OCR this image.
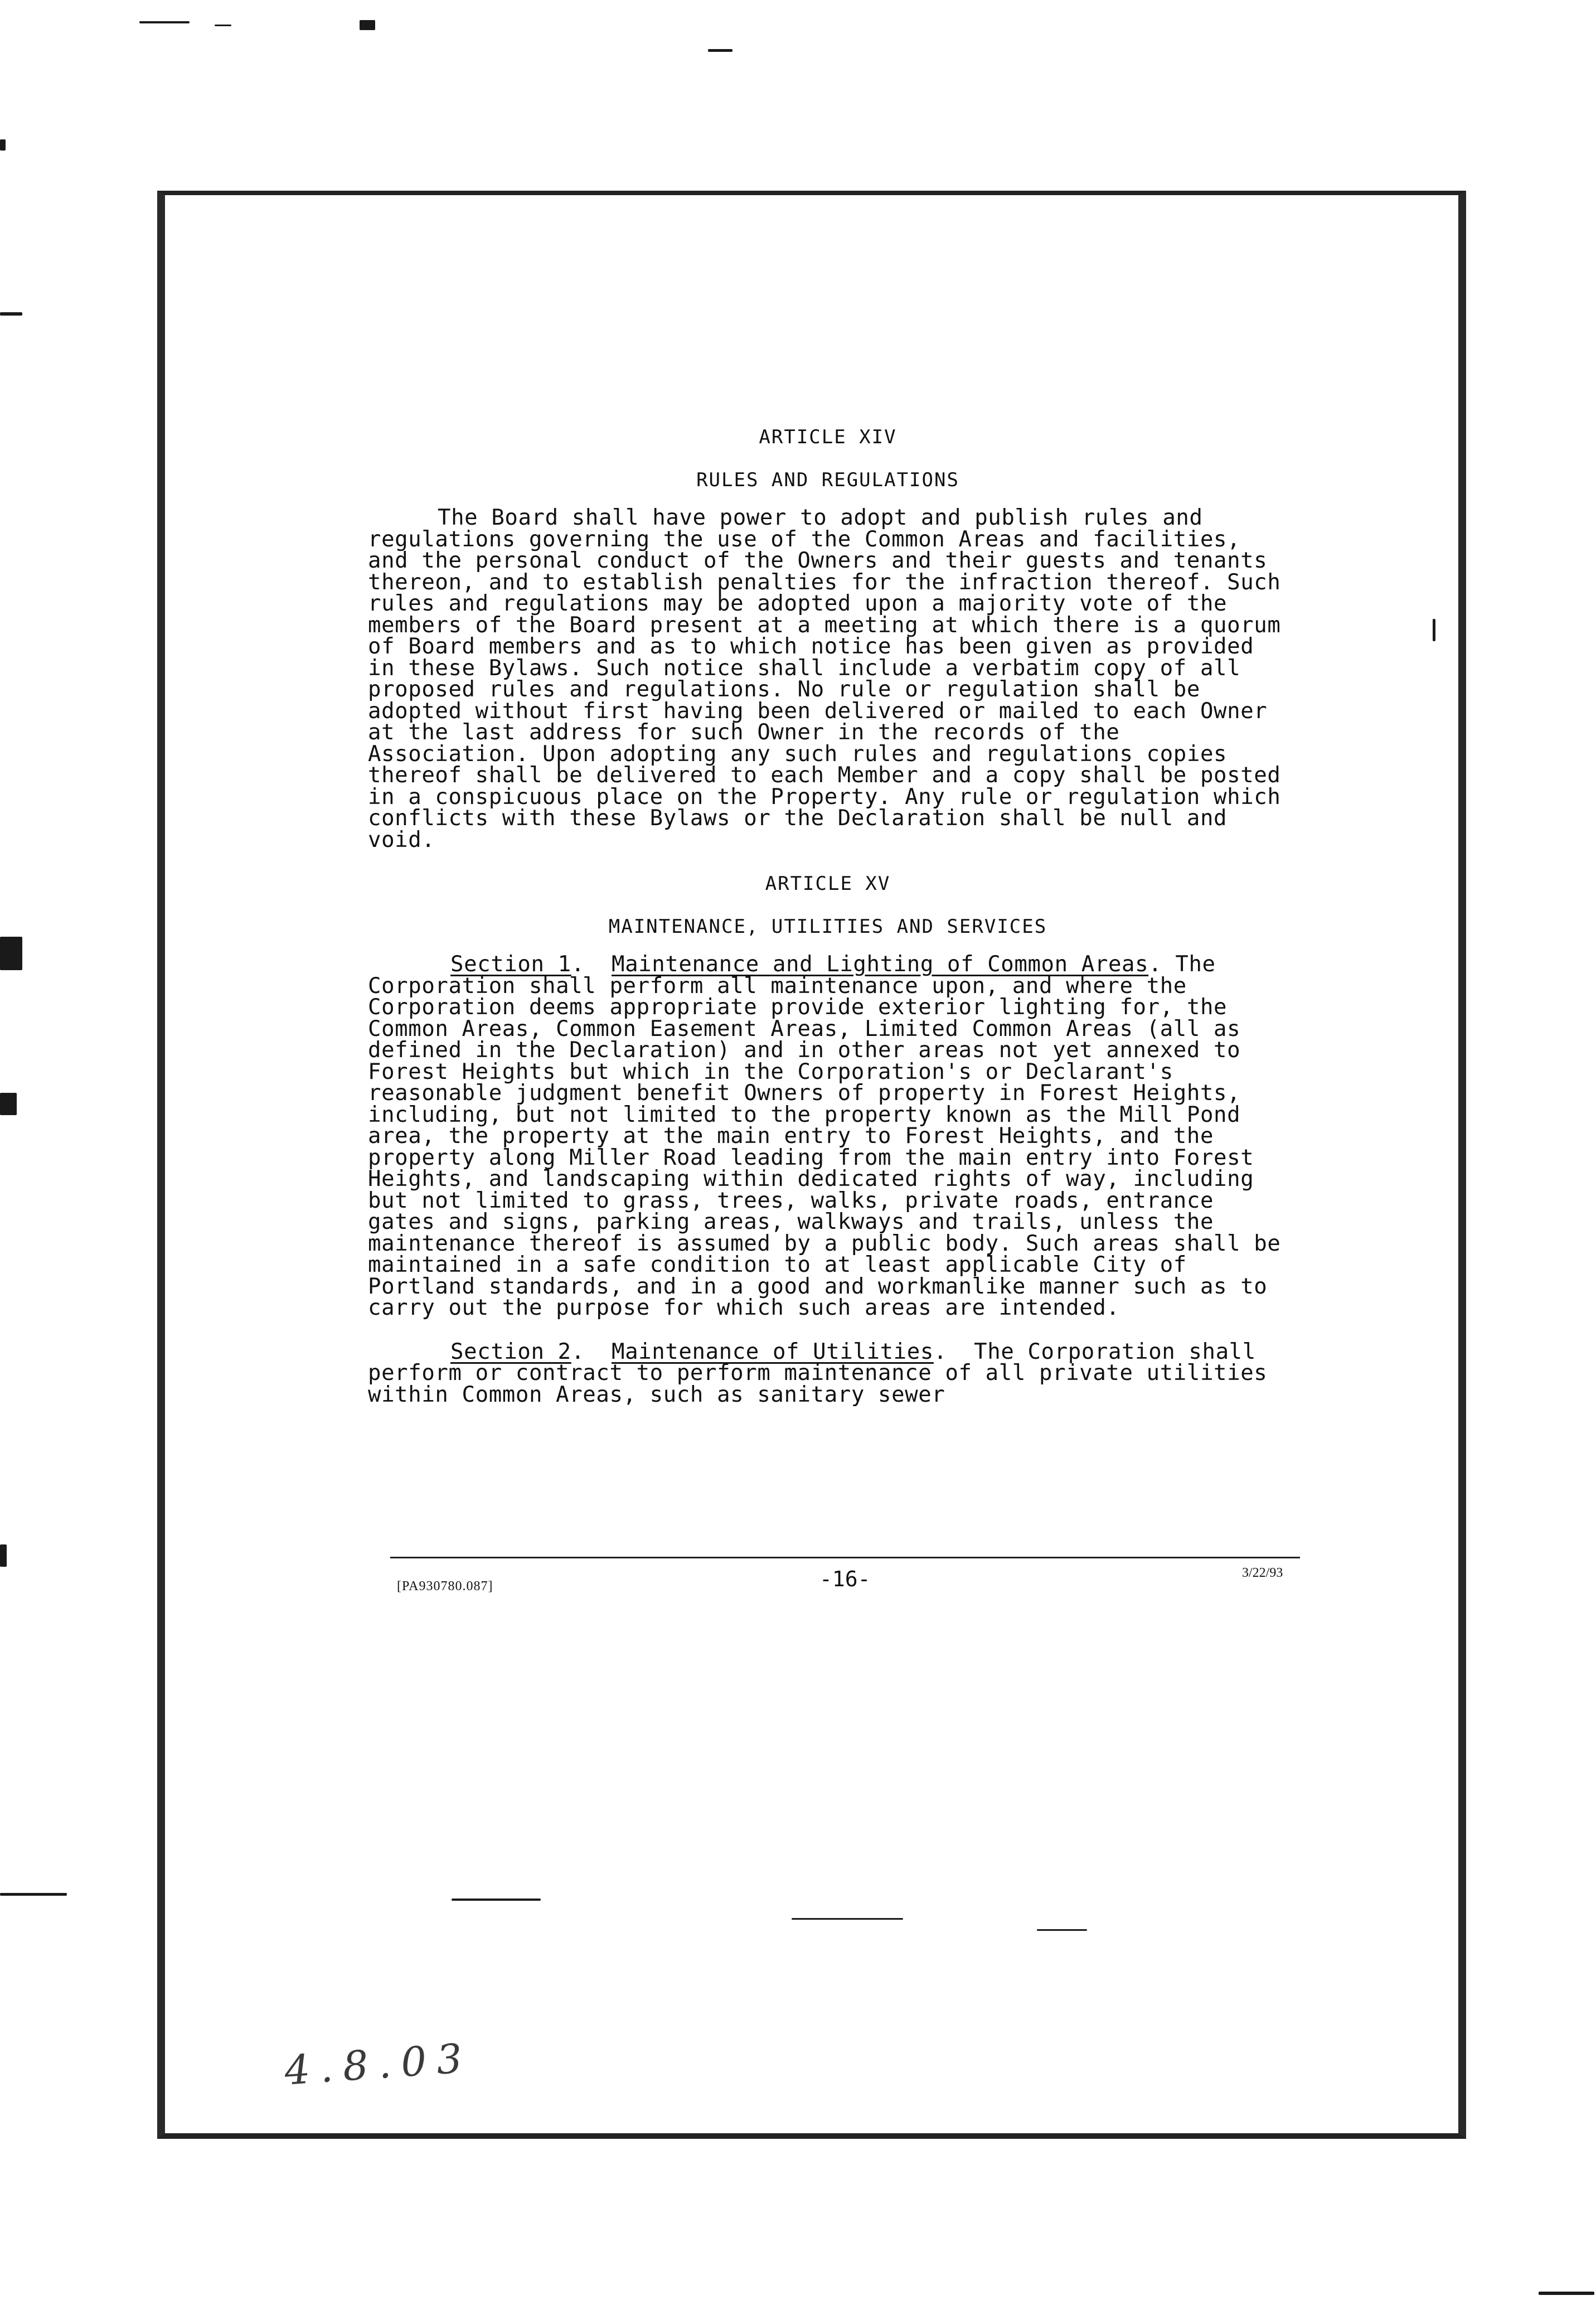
ARTICLE XIV
RULES AND REGULATIONS

The Board shall have power to adopt and publish rules and regulations governing the use of the Common Areas and facilities, and the personal conduct of the Owners and their guests and tenants thereon, and to establish penalties for the infraction thereof. Such rules and regulations may be adopted upon a majority vote of the members of the Board present at a meeting at which there is a quorum of Board members and as to which notice has been given as provided in these Bylaws. Such notice shall include a verbatim copy of all proposed rules and regulations. No rule or regulation shall be adopted without first having been delivered or mailed to each Owner at the last address for such Owner in the records of the Association. Upon adopting any such rules and regulations copies thereof shall be delivered to each Member and a copy shall be posted in a conspicuous place on the Property. Any rule or regulation which conflicts with these Bylaws or the Declaration shall be null and void.

ARTICLE XV
MAINTENANCE, UTILITIES AND SERVICES

Section 1.  Maintenance and Lighting of Common Areas. The Corporation shall perform all maintenance upon, and where the Corporation deems appropriate provide exterior lighting for, the Common Areas, Common Easement Areas, Limited Common Areas (all as defined in the Declaration) and in other areas not yet annexed to Forest Heights but which in the Corporation's or Declarant's reasonable judgment benefit Owners of property in Forest Heights, including, but not limited to the property known as the Mill Pond area, the property at the main entry to Forest Heights, and the property along Miller Road leading from the main entry into Forest Heights, and landscaping within dedicated rights of way, including but not limited to grass, trees, walks, private roads, entrance gates and signs, parking areas, walkways and trails, unless the maintenance thereof is assumed by a public body. Such areas shall be maintained in a safe condition to at least applicable City of Portland standards, and in a good and workmanlike manner such as to carry out the purpose for which such areas are intended.

Section 2.  Maintenance of Utilities.  The Corporation shall perform or contract to perform maintenance of all private utilities within Common Areas, such as sanitary sewer

[PA930780.087]	-16-	3/22/93
4.8.03
